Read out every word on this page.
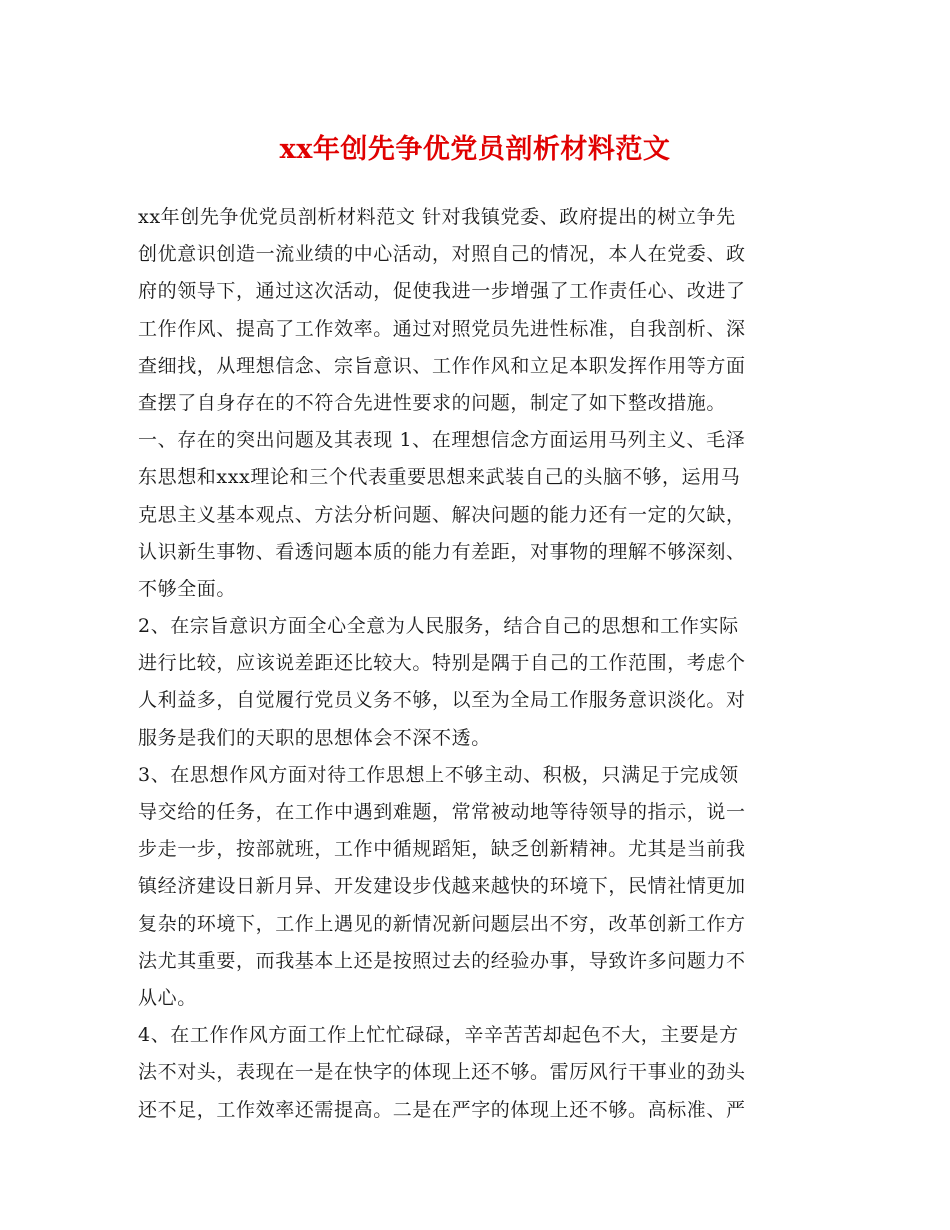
xx年创先争优党员剖析材料范文
xx年创先争优党员剖析材料范文 针对我镇党委、政府提出的树立争先
创优意识创造一流业绩的中心活动，对照自己的情况，本人在党委、政
府的领导下，通过这次活动，促使我进一步增强了工作责任心、改进了
工作作风、提高了工作效率。通过对照党员先进性标准，自我剖析、深
查细找，从理想信念、宗旨意识、工作作风和立足本职发挥作用等方面
查摆了自身存在的不符合先进性要求的问题，制定了如下整改措施。
一、存在的突出问题及其表现 1、在理想信念方面运用马列主义、毛泽
东思想和xxx理论和三个代表重要思想来武装自己的头脑不够，运用马
克思主义基本观点、方法分析问题、解决问题的能力还有一定的欠缺，
认识新生事物、看透问题本质的能力有差距，对事物的理解不够深刻、
不够全面。
2、在宗旨意识方面全心全意为人民服务，结合自己的思想和工作实际
进行比较，应该说差距还比较大。特别是隅于自己的工作范围，考虑个
人利益多，自觉履行党员义务不够，以至为全局工作服务意识淡化。对
服务是我们的天职的思想体会不深不透。
3、在思想作风方面对待工作思想上不够主动、积极，只满足于完成领
导交给的任务，在工作中遇到难题，常常被动地等待领导的指示，说一
步走一步，按部就班，工作中循规蹈矩，缺乏创新精神。尤其是当前我
镇经济建设日新月异、开发建设步伐越来越快的环境下，民情社情更加
复杂的环境下，工作上遇见的新情况新问题层出不穷，改革创新工作方
法尤其重要，而我基本上还是按照过去的经验办事，导致许多问题力不
从心。
4、在工作作风方面工作上忙忙碌碌，辛辛苦苦却起色不大，主要是方
法不对头，表现在一是在快字的体现上还不够。雷厉风行干事业的劲头
还不足，工作效率还需提高。二是在严字的体现上还不够。高标准、严
